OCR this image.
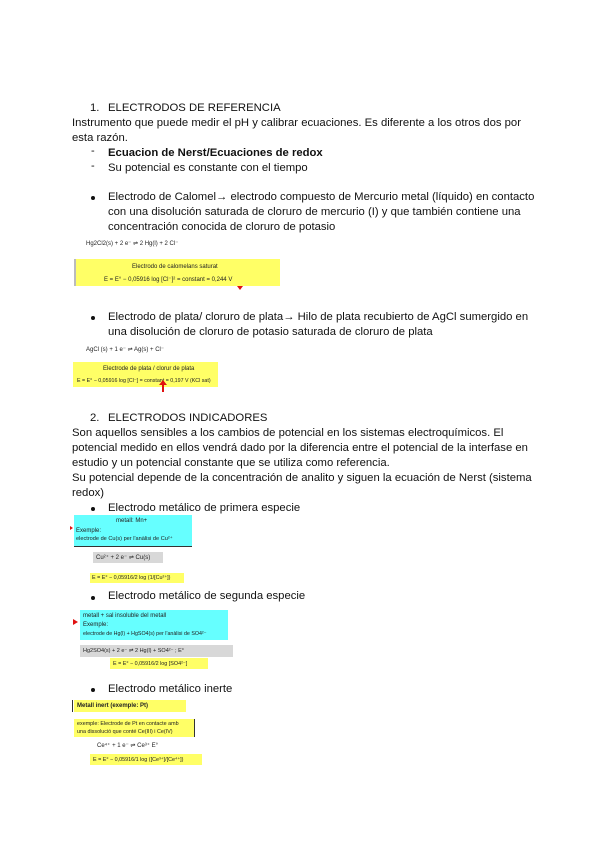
1. ELECTRODOS DE REFERENCIA
Instrumento que puede medir el pH y calibrar ecuaciones. Es diferente a los otros dos por
esta razón.
- Ecuacion de Nerst/Ecuaciones de redox
- Su potencial es constante con el tiempo
Electrodo de Calomel→ electrodo compuesto de Mercurio metal (líquido) en contacto
con una disolución saturada de cloruro de mercurio (I) y que también contiene una
concentración conocida de cloruro de potasio
Hg2Cl2(s) + 2 e⁻ ⇌ 2 Hg(l) + 2 Cl⁻
Electrodo de calomelans saturat
E = E° − 0,05916 log [Cl⁻]² = constant = 0,244 V
Electrodo de plata/ cloruro de plata→ Hilo de plata recubierto de AgCl sumergido en
una disolución de cloruro de potasio saturada de cloruro de plata
AgCl (s) + 1 e⁻ ⇌ Ag(s) + Cl⁻
Electrode de plata / clorur de plata
E = E° − 0,05916 log [Cl⁻] = constant = 0,197 V (KCl sat)
2. ELECTRODOS INDICADORES
Son aquellos sensibles a los cambios de potencial en los sistemas electroquímicos. El
potencial medido en ellos vendrá dado por la diferencia entre el potencial de la interfase en
estudio y un potencial constante que se utiliza como referencia.
Su potencial depende de la concentración de analito y siguen la ecuación de Nerst (sistema
redox)
Electrodo metálico de primera especie
metall: Mn+
Exemple:
electrode de Cu(s) per l'anàlisi de Cu²⁺
Cu²⁺ + 2 e⁻ ⇌ Cu(s)
E = E° − 0,05916/2 log (1/[Cu²⁺])
Electrodo metálico de segunda especie
metall + sal insoluble del metall
Exemple:
electrode de Hg(l) + HgSO4(s) per l'anàlisi de SO4²⁻
Hg2SO4(s) + 2 e⁻ ⇌ 2 Hg(l) + SO4²⁻ ; E°
E = E° − 0,05916/2 log [SO4²⁻]
Electrodo metálico inerte
Metall inert (exemple: Pt)
exemple: Electrode de Pt en contacte amb
una dissolució que conté Ce(III) i Ce(IV)
Ce⁴⁺ + 1 e⁻ ⇌ Ce³⁺ E°
E = E° − 0,05916/1 log ([Ce³⁺]/[Ce⁴⁺])
